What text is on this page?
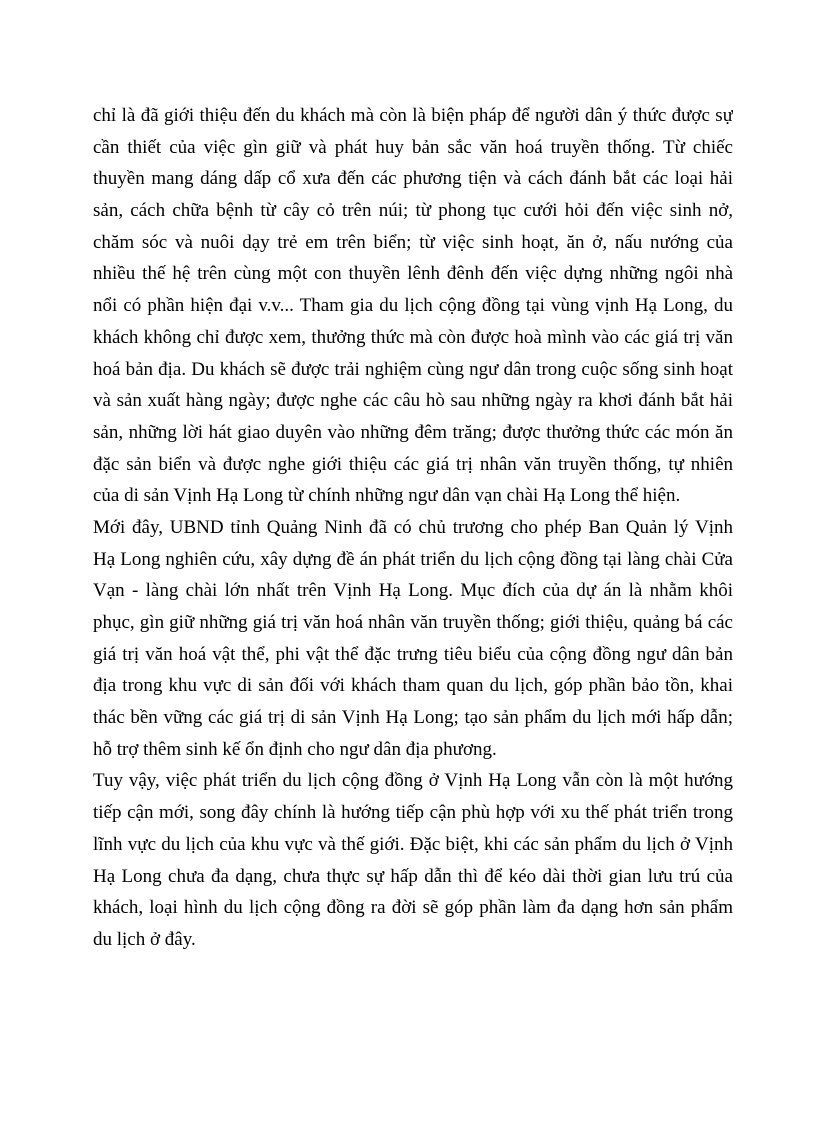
chỉ là đã giới thiệu đến du khách mà còn là biện pháp để người dân ý thức được sự
cần thiết của việc gìn giữ và phát huy bản sắc văn hoá truyền thống. Từ chiếc
thuyền mang dáng dấp cổ xưa đến các phương tiện và cách đánh bắt các loại hải
sản, cách chữa bệnh từ cây cỏ trên núi; từ phong tục cưới hỏi đến việc sinh nở,
chăm sóc và nuôi dạy trẻ em trên biển; từ việc sinh hoạt, ăn ở, nấu nướng của
nhiều thế hệ trên cùng một con thuyền lênh đênh đến việc dựng những ngôi nhà
nổi có phần hiện đại v.v... Tham gia du lịch cộng đồng tại vùng vịnh Hạ Long, du
khách không chỉ được xem, thưởng thức mà còn được hoà mình vào các giá trị văn
hoá bản địa. Du khách sẽ được trải nghiệm cùng ngư dân trong cuộc sống sinh hoạt
và sản xuất hàng ngày; được nghe các câu hò sau những ngày ra khơi đánh bắt hải
sản, những lời hát giao duyên vào những đêm trăng; được thưởng thức các món ăn
đặc sản biển và được nghe giới thiệu các giá trị nhân văn truyền thống, tự nhiên
của di sản Vịnh Hạ Long từ chính những ngư dân vạn chài Hạ Long thể hiện.
Mới đây, UBND tỉnh Quảng Ninh đã có chủ trương cho phép Ban Quản lý Vịnh
Hạ Long nghiên cứu, xây dựng đề án phát triển du lịch cộng đồng tại làng chài Cửa
Vạn - làng chài lớn nhất trên Vịnh Hạ Long. Mục đích của dự án là nhằm khôi
phục, gìn giữ những giá trị văn hoá nhân văn truyền thống; giới thiệu, quảng bá các
giá trị văn hoá vật thể, phi vật thể đặc trưng tiêu biểu của cộng đồng ngư dân bản
địa trong khu vực di sản đối với khách tham quan du lịch, góp phần bảo tồn, khai
thác bền vững các giá trị di sản Vịnh Hạ Long; tạo sản phẩm du lịch mới hấp dẫn;
hỗ trợ thêm sinh kế ổn định cho ngư dân địa phương.
Tuy vậy, việc phát triển du lịch cộng đồng ở Vịnh Hạ Long vẫn còn là một hướng
tiếp cận mới, song đây chính là hướng tiếp cận phù hợp với xu thế phát triển trong
lĩnh vực du lịch của khu vực và thế giới. Đặc biệt, khi các sản phẩm du lịch ở Vịnh
Hạ Long chưa đa dạng, chưa thực sự hấp dẫn thì để kéo dài thời gian lưu trú của
khách, loại hình du lịch cộng đồng ra đời sẽ góp phần làm đa dạng hơn sản phẩm
du lịch ở đây.
